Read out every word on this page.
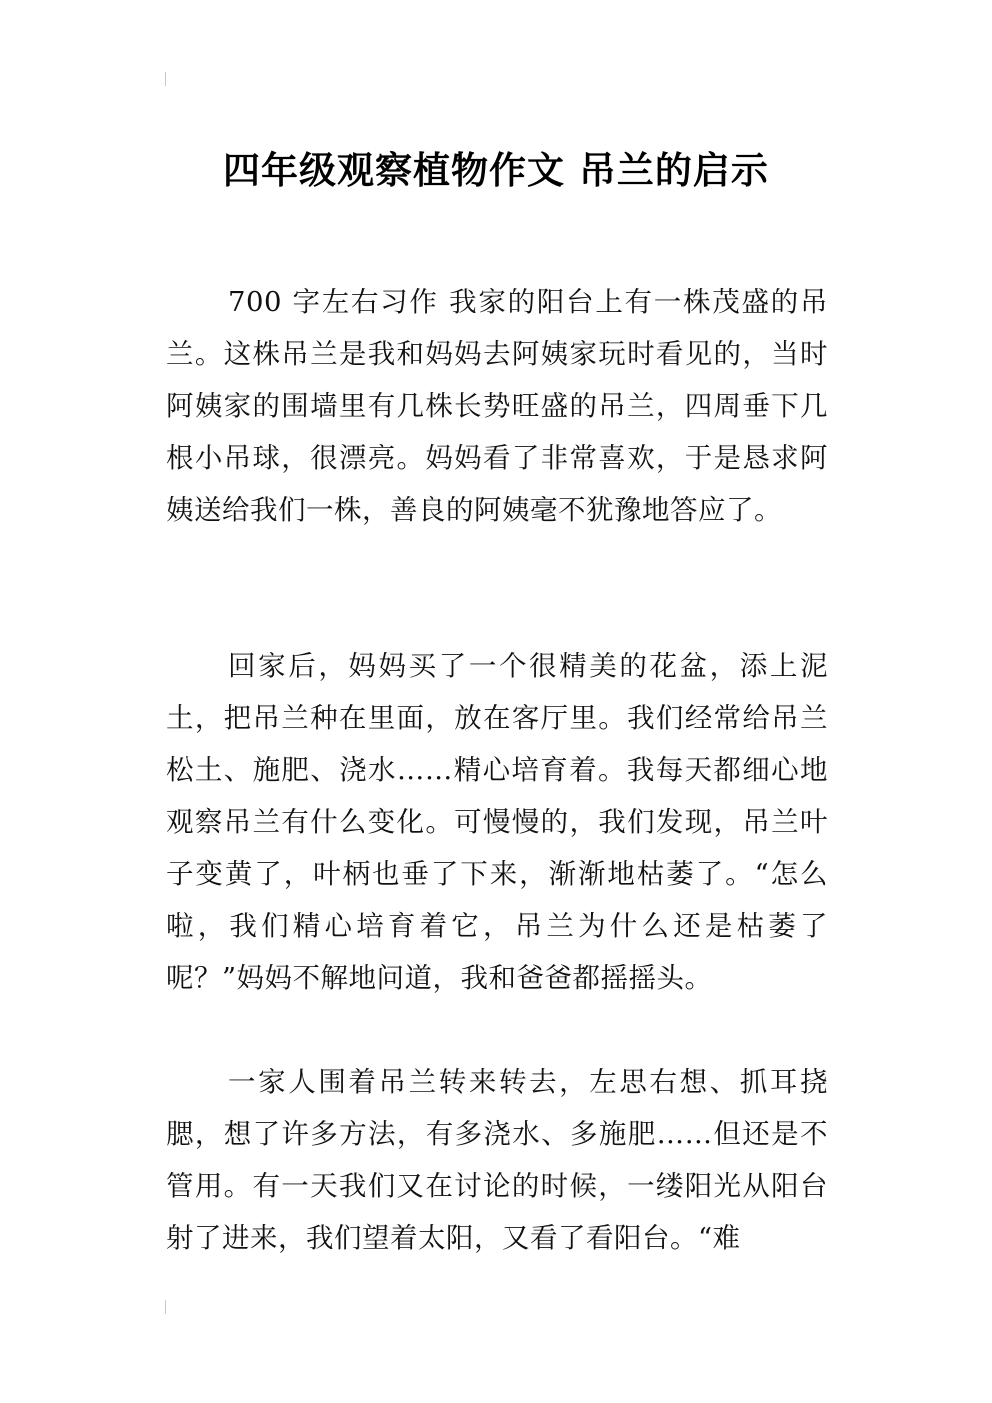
四年级观察植物作文 吊兰的启示

700 字左右习作 我家的阳台上有一株茂盛的吊兰。这株吊兰是我和妈妈去阿姨家玩时看见的，当时阿姨家的围墙里有几株长势旺盛的吊兰，四周垂下几根小吊球，很漂亮。妈妈看了非常喜欢，于是恳求阿姨送给我们一株，善良的阿姨毫不犹豫地答应了。

回家后，妈妈买了一个很精美的花盆，添上泥土，把吊兰种在里面，放在客厅里。我们经常给吊兰松土、施肥、浇水……精心培育着。我每天都细心地观察吊兰有什么变化。可慢慢的，我们发现，吊兰叶子变黄了，叶柄也垂了下来，渐渐地枯萎了。“怎么啦，我们精心培育着它，吊兰为什么还是枯萎了呢？”妈妈不解地问道，我和爸爸都摇摇头。

一家人围着吊兰转来转去，左思右想、抓耳挠腮，想了许多方法，有多浇水、多施肥……但还是不管用。有一天我们又在讨论的时候，一缕阳光从阳台射了进来，我们望着太阳，又看了看阳台。“难
